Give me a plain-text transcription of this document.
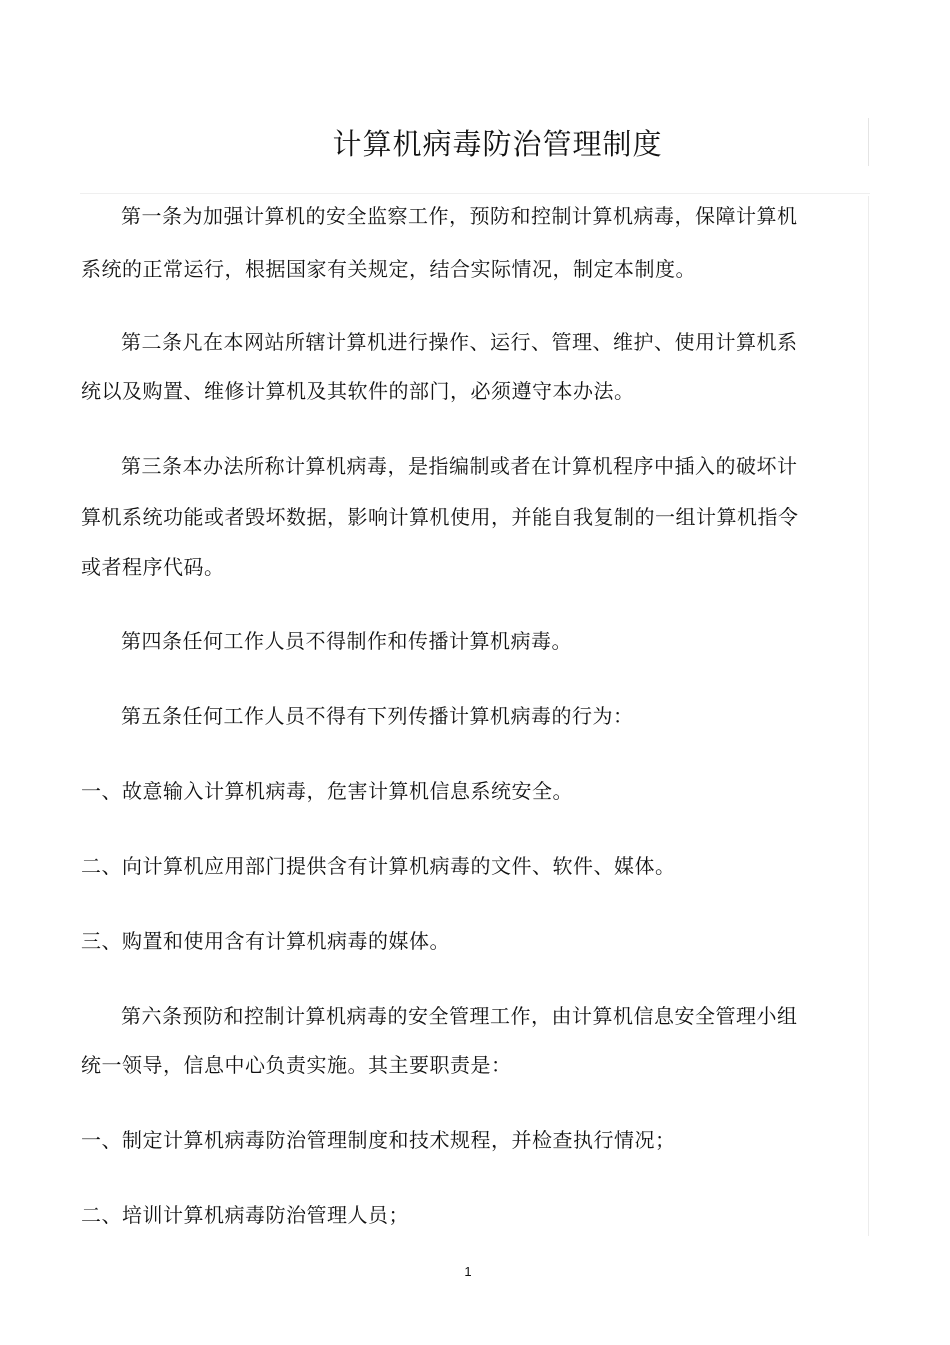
计算机病毒防治管理制度
第一条为加强计算机的安全监察工作，预防和控制计算机病毒，保障计算机
系统的正常运行，根据国家有关规定，结合实际情况，制定本制度。
第二条凡在本网站所辖计算机进行操作、运行、管理、维护、使用计算机系
统以及购置、维修计算机及其软件的部门，必须遵守本办法。
第三条本办法所称计算机病毒，是指编制或者在计算机程序中插入的破坏计
算机系统功能或者毁坏数据，影响计算机使用，并能自我复制的一组计算机指令
或者程序代码。
第四条任何工作人员不得制作和传播计算机病毒。
第五条任何工作人员不得有下列传播计算机病毒的行为：
一、故意输入计算机病毒，危害计算机信息系统安全。
二、向计算机应用部门提供含有计算机病毒的文件、软件、媒体。
三、购置和使用含有计算机病毒的媒体。
第六条预防和控制计算机病毒的安全管理工作，由计算机信息安全管理小组
统一领导，信息中心负责实施。其主要职责是：
一、制定计算机病毒防治管理制度和技术规程，并检查执行情况；
二、培训计算机病毒防治管理人员；
1
